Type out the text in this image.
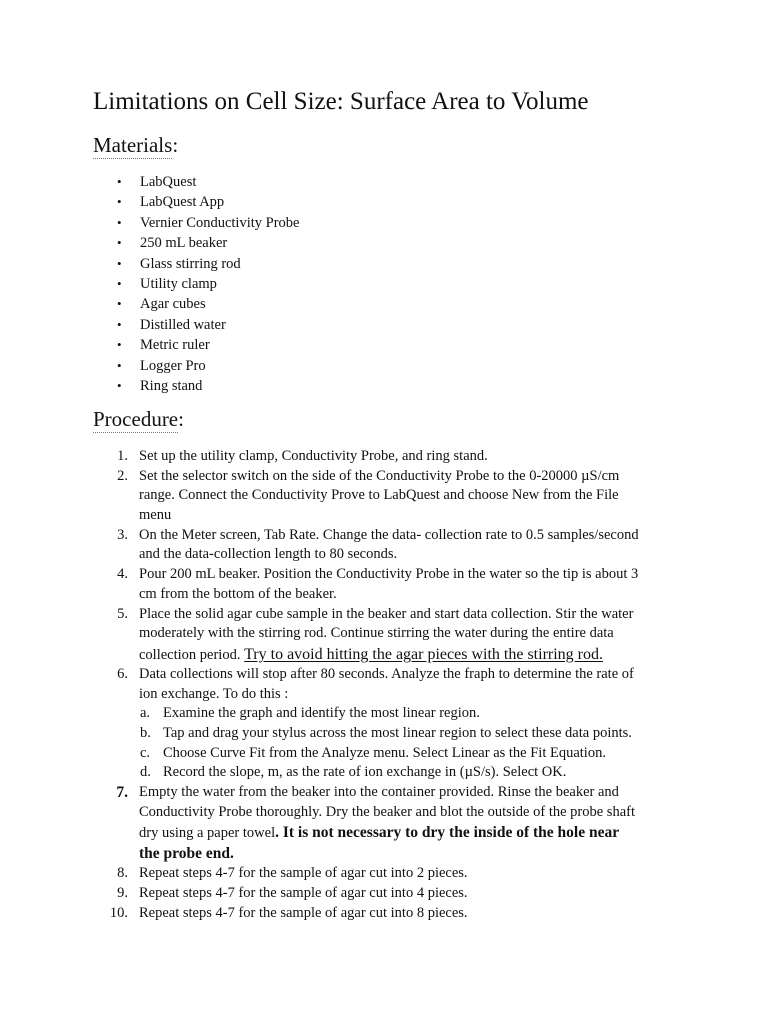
Limitations on Cell Size: Surface Area to Volume
Materials:
• LabQuest
• LabQuest App
• Vernier Conductivity Probe
• 250 mL beaker
• Glass stirring rod
• Utility clamp
• Agar cubes
• Distilled water
• Metric ruler
• Logger Pro
• Ring stand
Procedure:
1. Set up the utility clamp, Conductivity Probe, and ring stand.
2. Set the selector switch on the side of the Conductivity Probe to the 0-20000 µS/cm
range. Connect the Conductivity Prove to LabQuest and choose New from the File
menu
3. On the Meter screen, Tab Rate. Change the data- collection rate to 0.5 samples/second
and the data-collection length to 80 seconds.
4. Pour 200 mL beaker. Position the Conductivity Probe in the water so the tip is about 3
cm from the bottom of the beaker.
5. Place the solid agar cube sample in the beaker and start data collection. Stir the water
moderately with the stirring rod. Continue stirring the water during the entire data
collection period. Try to avoid hitting the agar pieces with the stirring rod.
6. Data collections will stop after 80 seconds. Analyze the fraph to determine the rate of
ion exchange. To do this :
a. Examine the graph and identify the most linear region.
b. Tap and drag your stylus across the most linear region to select these data points.
c. Choose Curve Fit from the Analyze menu. Select Linear as the Fit Equation.
d. Record the slope, m, as the rate of ion exchange in (µS/s). Select OK.
7. Empty the water from the beaker into the container provided. Rinse the beaker and
Conductivity Probe thoroughly. Dry the beaker and blot the outside of the probe shaft
dry using a paper towel. It is not necessary to dry the inside of the hole near
the probe end.
8. Repeat steps 4-7 for the sample of agar cut into 2 pieces.
9. Repeat steps 4-7 for the sample of agar cut into 4 pieces.
10. Repeat steps 4-7 for the sample of agar cut into 8 pieces.
